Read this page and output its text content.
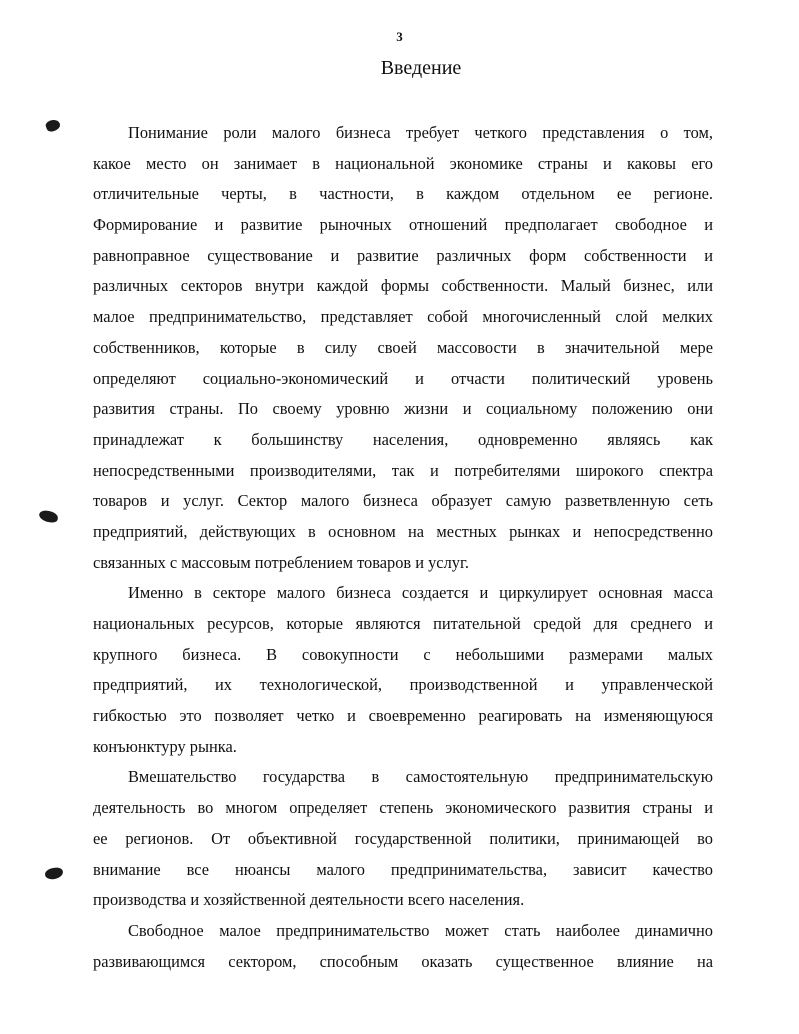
3
Введение
Понимание роли малого бизнеса требует четкого представления о том,
какое место он занимает в национальной экономике страны и каковы его
отличительные черты, в частности, в каждом отдельном ее регионе.
Формирование и развитие рыночных отношений предполагает свободное и
равноправное существование и развитие различных форм собственности и
различных секторов внутри каждой формы собственности. Малый бизнес, или
малое предпринимательство, представляет собой многочисленный слой мелких
собственников, которые в силу своей массовости в значительной мере
определяют социально-экономический и отчасти политический уровень
развития страны. По своему уровню жизни и социальному положению они
принадлежат к большинству населения, одновременно являясь как
непосредственными производителями, так и потребителями широкого спектра
товаров и услуг. Сектор малого бизнеса образует самую разветвленную сеть
предприятий, действующих в основном на местных рынках и непосредственно
связанных с массовым потреблением товаров и услуг.
Именно в секторе малого бизнеса создается и циркулирует основная масса
национальных ресурсов, которые являются питательной средой для среднего и
крупного бизнеса. В совокупности с небольшими размерами малых
предприятий, их технологической, производственной и управленческой
гибкостью это позволяет четко и своевременно реагировать на изменяющуюся
конъюнктуру рынка.
Вмешательство государства в самостоятельную предпринимательскую
деятельность во многом определяет степень экономического развития страны и
ее регионов. От объективной государственной политики, принимающей во
внимание все нюансы малого предпринимательства, зависит качество
производства и хозяйственной деятельности всего населения.
Свободное малое предпринимательство может стать наиболее динамично
развивающимся сектором, способным оказать существенное влияние на
